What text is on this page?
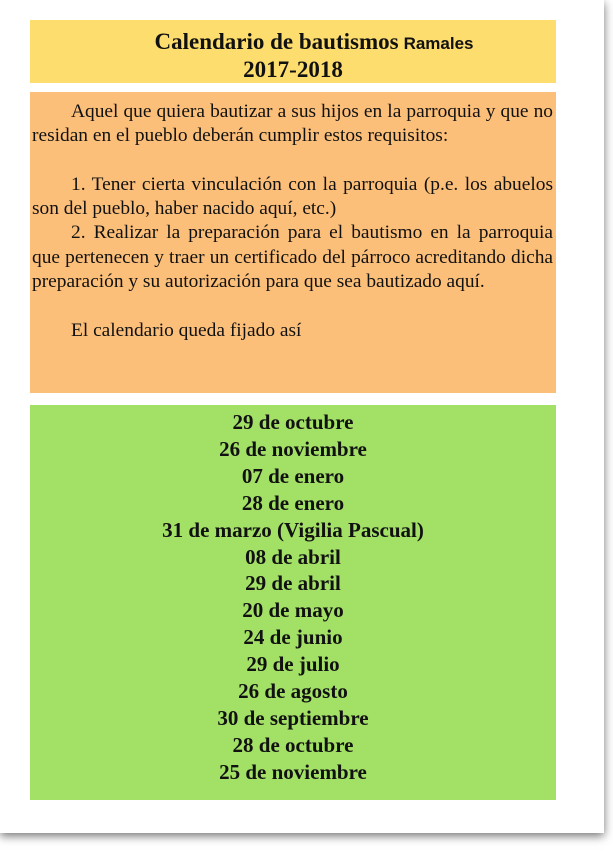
Calendario de bautismos Ramales
2017-2018

Aquel que quiera bautizar a sus hijos en la parroquia y que no residan en el pueblo deberán cumplir estos requisitos:

1. Tener cierta vinculación con la parroquia (p.e. los abuelos son del pueblo, haber nacido aquí, etc.)

2. Realizar la preparación para el bautismo en la parroquia que pertenecen y traer un certificado del párroco acreditando dicha preparación y su autorización para que sea bautizado aquí.

El calendario queda fijado así

29 de octubre
26 de noviembre
07 de enero
28 de enero
31 de marzo (Vigilia Pascual)
08 de abril
29 de abril
20 de mayo
24 de junio
29 de julio
26 de agosto
30 de septiembre
28 de octubre
25 de noviembre
